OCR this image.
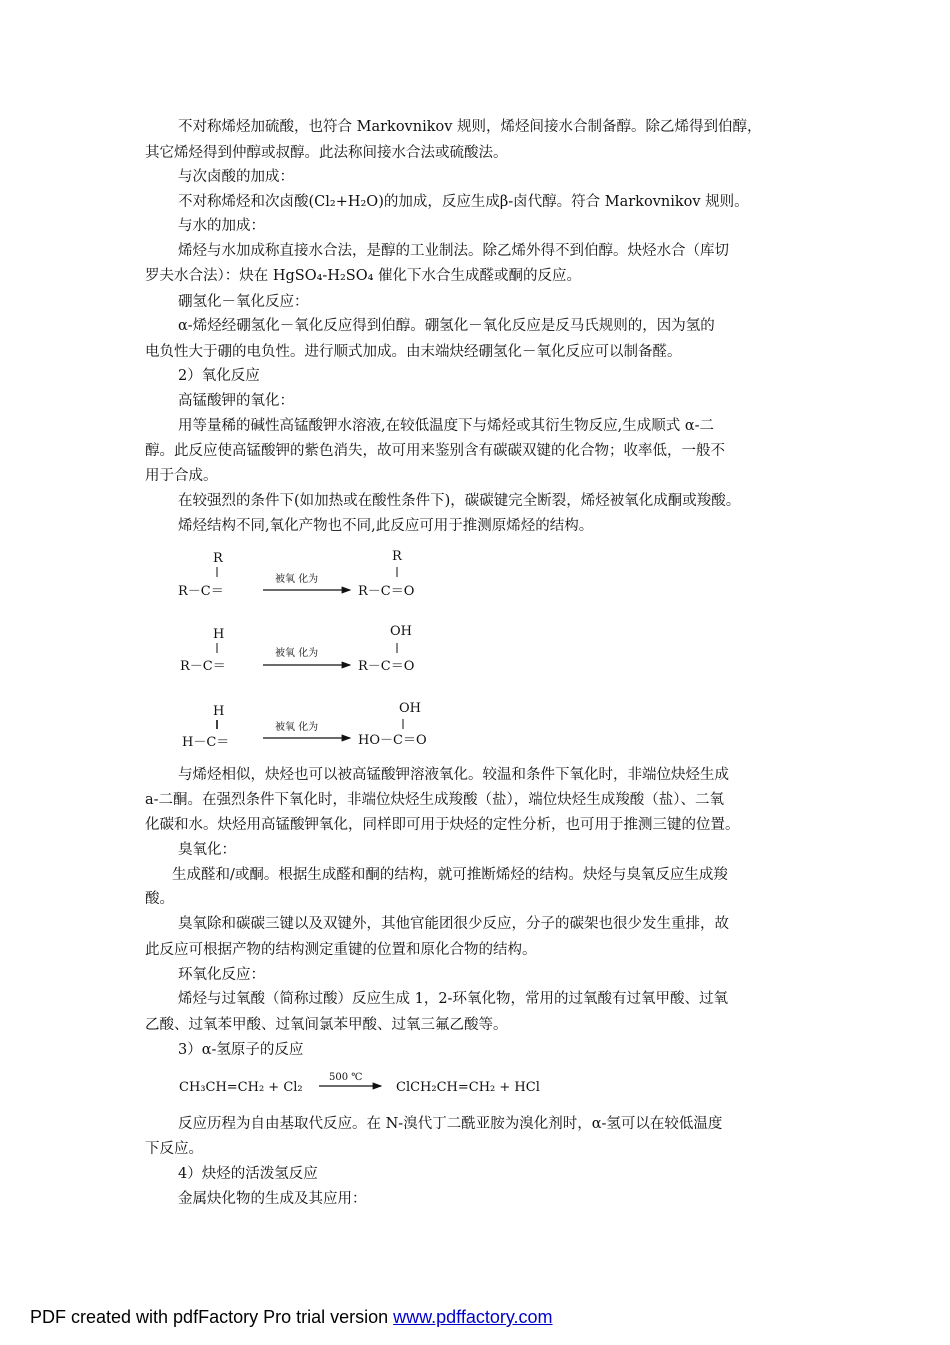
不对称烯烃加硫酸，也符合 Markovnikov 规则，烯烃间接水合制备醇。除乙烯得到伯醇，
其它烯烃得到仲醇或叔醇。此法称间接水合法或硫酸法。
与次卤酸的加成：
不对称烯烃和次卤酸(Cl₂+H₂O)的加成，反应生成β-卤代醇。符合 Markovnikov 规则。
与水的加成：
烯烃与水加成称直接水合法，是醇的工业制法。除乙烯外得不到伯醇。炔烃水合（库切
罗夫水合法）：炔在 HgSO₄-H₂SO₄ 催化下水合生成醛或酮的反应。
硼氢化－氧化反应：
α-烯烃经硼氢化－氧化反应得到伯醇。硼氢化－氧化反应是反马氏规则的，因为氢的
电负性大于硼的电负性。进行顺式加成。由末端炔经硼氢化－氧化反应可以制备醛。
2）氧化反应
高锰酸钾的氧化：
用等量稀的碱性高锰酸钾水溶液,在较低温度下与烯烃或其衍生物反应,生成顺式 α-二
醇。此反应使高锰酸钾的紫色消失，故可用来鉴别含有碳碳双键的化合物；收率低，一般不
用于合成。
在较强烈的条件下(如加热或在酸性条件下)，碳碳键完全断裂，烯烃被氧化成酮或羧酸。
烯烃结构不同,氧化产物也不同,此反应可用于推测原烯烃的结构。
R
R－C＝
被氧 化为
R
R－C＝O
H
R－C＝
被氧 化为
OH
R－C＝O
H
H－C＝
被氧 化为
OH
HO－C＝O
与烯烃相似，炔烃也可以被高锰酸钾溶液氧化。较温和条件下氧化时，非端位炔烃生成
a-二酮。在强烈条件下氧化时，非端位炔烃生成羧酸（盐），端位炔烃生成羧酸（盐）、二氧
化碳和水。炔烃用高锰酸钾氧化，同样即可用于炔烃的定性分析，也可用于推测三键的位置。
臭氧化：
生成醛和/或酮。根据生成醛和酮的结构，就可推断烯烃的结构。炔烃与臭氧反应生成羧
酸。
臭氧除和碳碳三键以及双键外，其他官能团很少反应，分子的碳架也很少发生重排，故
此反应可根据产物的结构测定重键的位置和原化合物的结构。
环氧化反应：
烯烃与过氧酸（简称过酸）反应生成 1，2-环氧化物，常用的过氧酸有过氧甲酸、过氧
乙酸、过氧苯甲酸、过氧间氯苯甲酸、过氧三氟乙酸等。
3）α-氢原子的反应
CH₃CH=CH₂ + Cl₂
500 ℃
ClCH₂CH=CH₂ + HCl
反应历程为自由基取代反应。在 N-溴代丁二酰亚胺为溴化剂时，α-氢可以在较低温度
下反应。
4）炔烃的活泼氢反应
金属炔化物的生成及其应用：
PDF created with pdfFactory Pro trial version www.pdffactory.com
